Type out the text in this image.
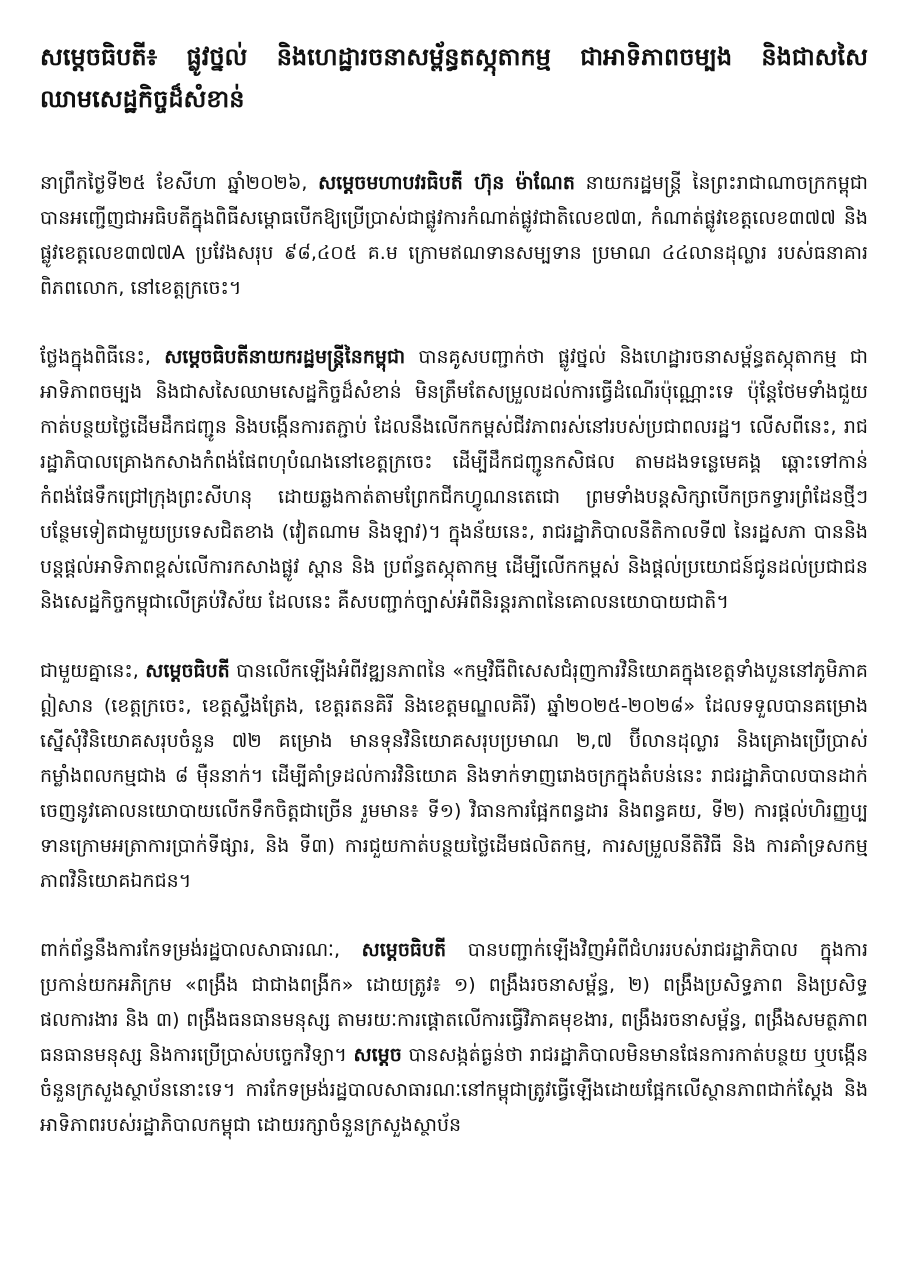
សម្តេចធិបតី៖ ផ្លូវថ្នល់ និងហេដ្ឋារចនាសម្ព័ន្ធតស្ភុតាកម្ម ជាអាទិភាពចម្បង និងជាសសៃឈាមសេដ្ឋកិច្ចដ៏សំខាន់

នាព្រឹកថ្ងៃទី២៥ ខែសីហា ឆ្នាំ២០២៦, សម្តេចមហាបវរធិបតី ហ៊ុន ម៉ាណែត នាយករដ្ឋមន្ត្រី នៃព្រះរាជាណាចក្រកម្ពុជា បានអញ្ជើញជាអធិបតីក្នុងពិធីសម្ពោធបើកឱ្យប្រើប្រាស់ជាផ្លូវការកំណាត់ផ្លូវជាតិលេខ៧៣, កំណាត់ផ្លូវខេត្តលេខ៣៧៧ និងផ្លូវខេត្តលេខ៣៧៧A ប្រវែងសរុប ៩៨,៤០៥ គ.ម ក្រោមឥណទានសម្បទាន ប្រមាណ ៤៤លានដុល្លារ របស់ធនាគារពិភពលោក, នៅខេត្តក្រចេះ។

ថ្លែងក្នុងពិធីនេះ, សម្តេចធិបតីនាយករដ្ឋមន្ត្រីនៃកម្ពុជា បានគូសបញ្ជាក់ថា ផ្លូវថ្នល់ និងហេដ្ឋារចនាសម្ព័ន្ធតស្ភុតាកម្ម ជាអាទិភាពចម្បង និងជាសសៃឈាមសេដ្ឋកិច្ចដ៏សំខាន់ មិនត្រឹមតែសម្រួលដល់ការធ្វើដំណើរប៉ុណ្ណោះទេ ប៉ុន្តែថែមទាំងជួយកាត់បន្ថយថ្លៃដើមដឹកជញ្ជូន និងបង្កើនការតភ្ជាប់ ដែលនឹងលើកកម្ពស់ជីវភាពរស់នៅរបស់ប្រជាពលរដ្ឋ។ លើសពីនេះ, រាជរដ្ឋាភិបាលគ្រោងកសាងកំពង់ផែពហុបំណងនៅខេត្តក្រចេះ ដើម្បីដឹកជញ្ជូនកសិផល តាមដងទន្លេមេគង្គ ឆ្ពោះទៅកាន់កំពង់ផែទឹកជ្រៅក្រុងព្រះសីហនុ ដោយឆ្លងកាត់តាមព្រែកជីកហ្វូណនតេជោ ព្រមទាំងបន្តសិក្សាបើកច្រកទ្វារព្រំដែនថ្មីៗបន្ថែមទៀតជាមួយប្រទេសជិតខាង (វៀតណាម និងឡាវ)។ ក្នុងន័យនេះ, រាជរដ្ឋាភិបាលនីតិកាលទី៧ នៃរដ្ឋសភា បាននិងបន្តផ្តល់អាទិភាពខ្ពស់លើការកសាងផ្លូវ ស្ពាន និង ប្រព័ន្ធតស្ភុតាកម្ម ដើម្បីលើកកម្ពស់ និងផ្តល់ប្រយោជន៍ជូនដល់ប្រជាជន និងសេដ្ឋកិច្ចកម្ពុជាលើគ្រប់វិស័យ ដែលនេះ គឺសបញ្ជាក់ច្បាស់អំពីនិរន្តរភាពនៃគោលនយោបាយជាតិ។

ជាមួយគ្នានេះ, សម្តេចធិបតី បានលើកឡើងអំពីវឌ្ឍនភាពនៃ «កម្មវិធីពិសេសជំរុញការវិនិយោគក្នុងខេត្តទាំងបួននៅភូមិភាគឦសាន (ខេត្តក្រចេះ, ខេត្តស្ទឹងត្រែង, ខេត្តរតនគិរី និងខេត្តមណ្ឌលគិរី) ឆ្នាំ២០២៥-២០២៨» ដែលទទួលបានគម្រោងស្នើសុំវិនិយោគសរុបចំនួន ៧២ គម្រោង មានទុនវិនិយោគសរុបប្រមាណ ២,៧ ប៊ីលានដុល្លារ និងគ្រោងប្រើប្រាស់កម្លាំងពលកម្មជាង ៨ ម៉ឺននាក់។ ដើម្បីគាំទ្រដល់ការវិនិយោគ និងទាក់ទាញរោងចក្រក្នុងតំបន់នេះ រាជរដ្ឋាភិបាលបានដាក់ចេញនូវគោលនយោបាយលើកទឹកចិត្តជាច្រើន រួមមាន៖ ទី១) វិធានការផ្អែកពន្ធដារ និងពន្ធគយ, ទី២) ការផ្តល់ហិរញ្ញប្បទានក្រោមអត្រាការប្រាក់ទីផ្សារ, និង ទី៣) ការជួយកាត់បន្ថយថ្លៃដើមផលិតកម្ម, ការសម្រួលនីតិវិធី និង ការគាំទ្រសកម្មភាពវិនិយោគឯកជន។

ពាក់ព័ន្ធនឹងការកែទម្រង់រដ្ឋបាលសាធារណៈ, សម្តេចធិបតី បានបញ្ជាក់ឡើងវិញអំពីជំហររបស់រាជរដ្ឋាភិបាល ក្នុងការប្រកាន់យកអភិក្រម «ពង្រឹង ជាជាងពង្រីក» ដោយត្រូវ៖ ១) ពង្រឹងរចនាសម្ព័ន្ធ, ២) ពង្រឹងប្រសិទ្ធភាព និងប្រសិទ្ធផលការងារ និង ៣) ពង្រឹងធនធានមនុស្ស តាមរយៈការផ្តោតលើការធ្វើវិភាគមុខងារ, ពង្រឹងរចនាសម្ព័ន្ធ, ពង្រឹងសមត្ថភាពធនធានមនុស្ស និងការប្រើប្រាស់បច្ចេកវិទ្យា។ សម្តេច បានសង្កត់ធ្ងន់ថា រាជរដ្ឋាភិបាលមិនមានផែនការកាត់បន្ថយ ឬបង្កើនចំនួនក្រសួងស្ថាប័ននោះទេ។ ការកែទម្រង់រដ្ឋបាលសាធារណៈនៅកម្ពុជាត្រូវធ្វើឡើងដោយផ្អែកលើស្ថានភាពជាក់ស្តែង និងអាទិភាពរបស់រដ្ឋាភិបាលកម្ពុជា ដោយរក្សាចំនួនក្រសួងស្ថាប័ន
